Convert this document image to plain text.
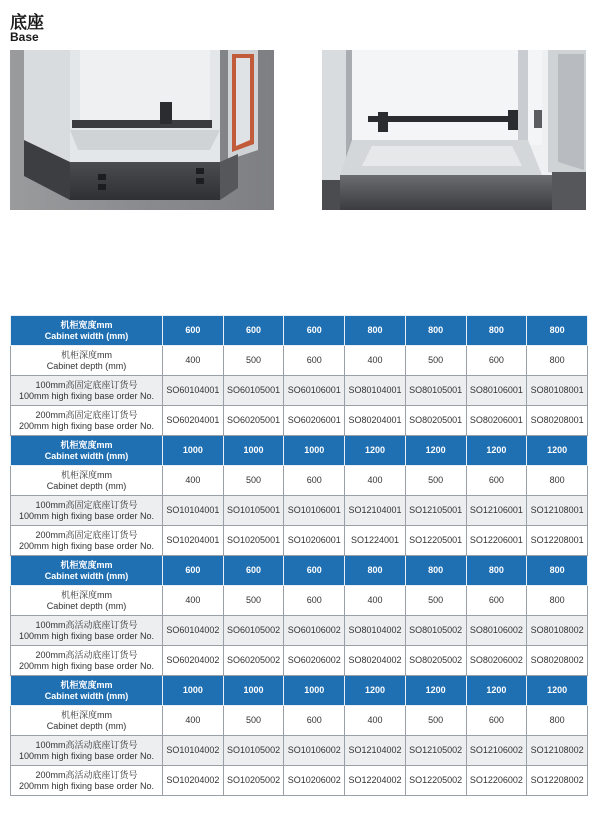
底座
Base
机柜宽度mm
Cabinet width (mm)	600	600	600	800	800	800	800

机柜深度mm
Cabinet depth (mm)	400	500	600	400	500	600	800

100mm高固定底座订货号
100mm high fixing base order No.	SO60104001	SO60105001	SO60106001	SO80104001	SO80105001	SO80106001	SO80108001

200mm高固定底座订货号
200mm high fixing base order No.	SO60204001	SO60205001	SO60206001	SO80204001	SO80205001	SO80206001	SO80208001

机柜宽度mm
Cabinet width (mm)	1000	1000	1000	1200	1200	1200	1200

机柜深度mm
Cabinet depth (mm)	400	500	600	400	500	600	800

100mm高固定底座订货号
100mm high fixing base order No.	SO10104001	SO10105001	SO10106001	SO12104001	SO12105001	SO12106001	SO12108001

200mm高固定底座订货号
200mm high fixing base order No.	SO10204001	SO10205001	SO10206001	SO1224001	SO12205001	SO12206001	SO12208001

机柜宽度mm
Cabinet width (mm)	600	600	600	800	800	800	800

机柜深度mm
Cabinet depth (mm)	400	500	600	400	500	600	800

100mm高活动底座订货号
100mm high fixing base order No.	SO60104002	SO60105002	SO60106002	SO80104002	SO80105002	SO80106002	SO80108002

200mm高活动底座订货号
200mm high fixing base order No.	SO60204002	SO60205002	SO60206002	SO80204002	SO80205002	SO80206002	SO80208002

机柜宽度mm
Cabinet width (mm)	1000	1000	1000	1200	1200	1200	1200

机柜深度mm
Cabinet depth (mm)	400	500	600	400	500	600	800

100mm高活动底座订货号
100mm high fixing base order No.	SO10104002	SO10105002	SO10106002	SO12104002	SO12105002	SO12106002	SO12108002

200mm高活动底座订货号
200mm high fixing base order No.	SO10204002	SO10205002	SO10206002	SO12204002	SO12205002	SO12206002	SO12208002
